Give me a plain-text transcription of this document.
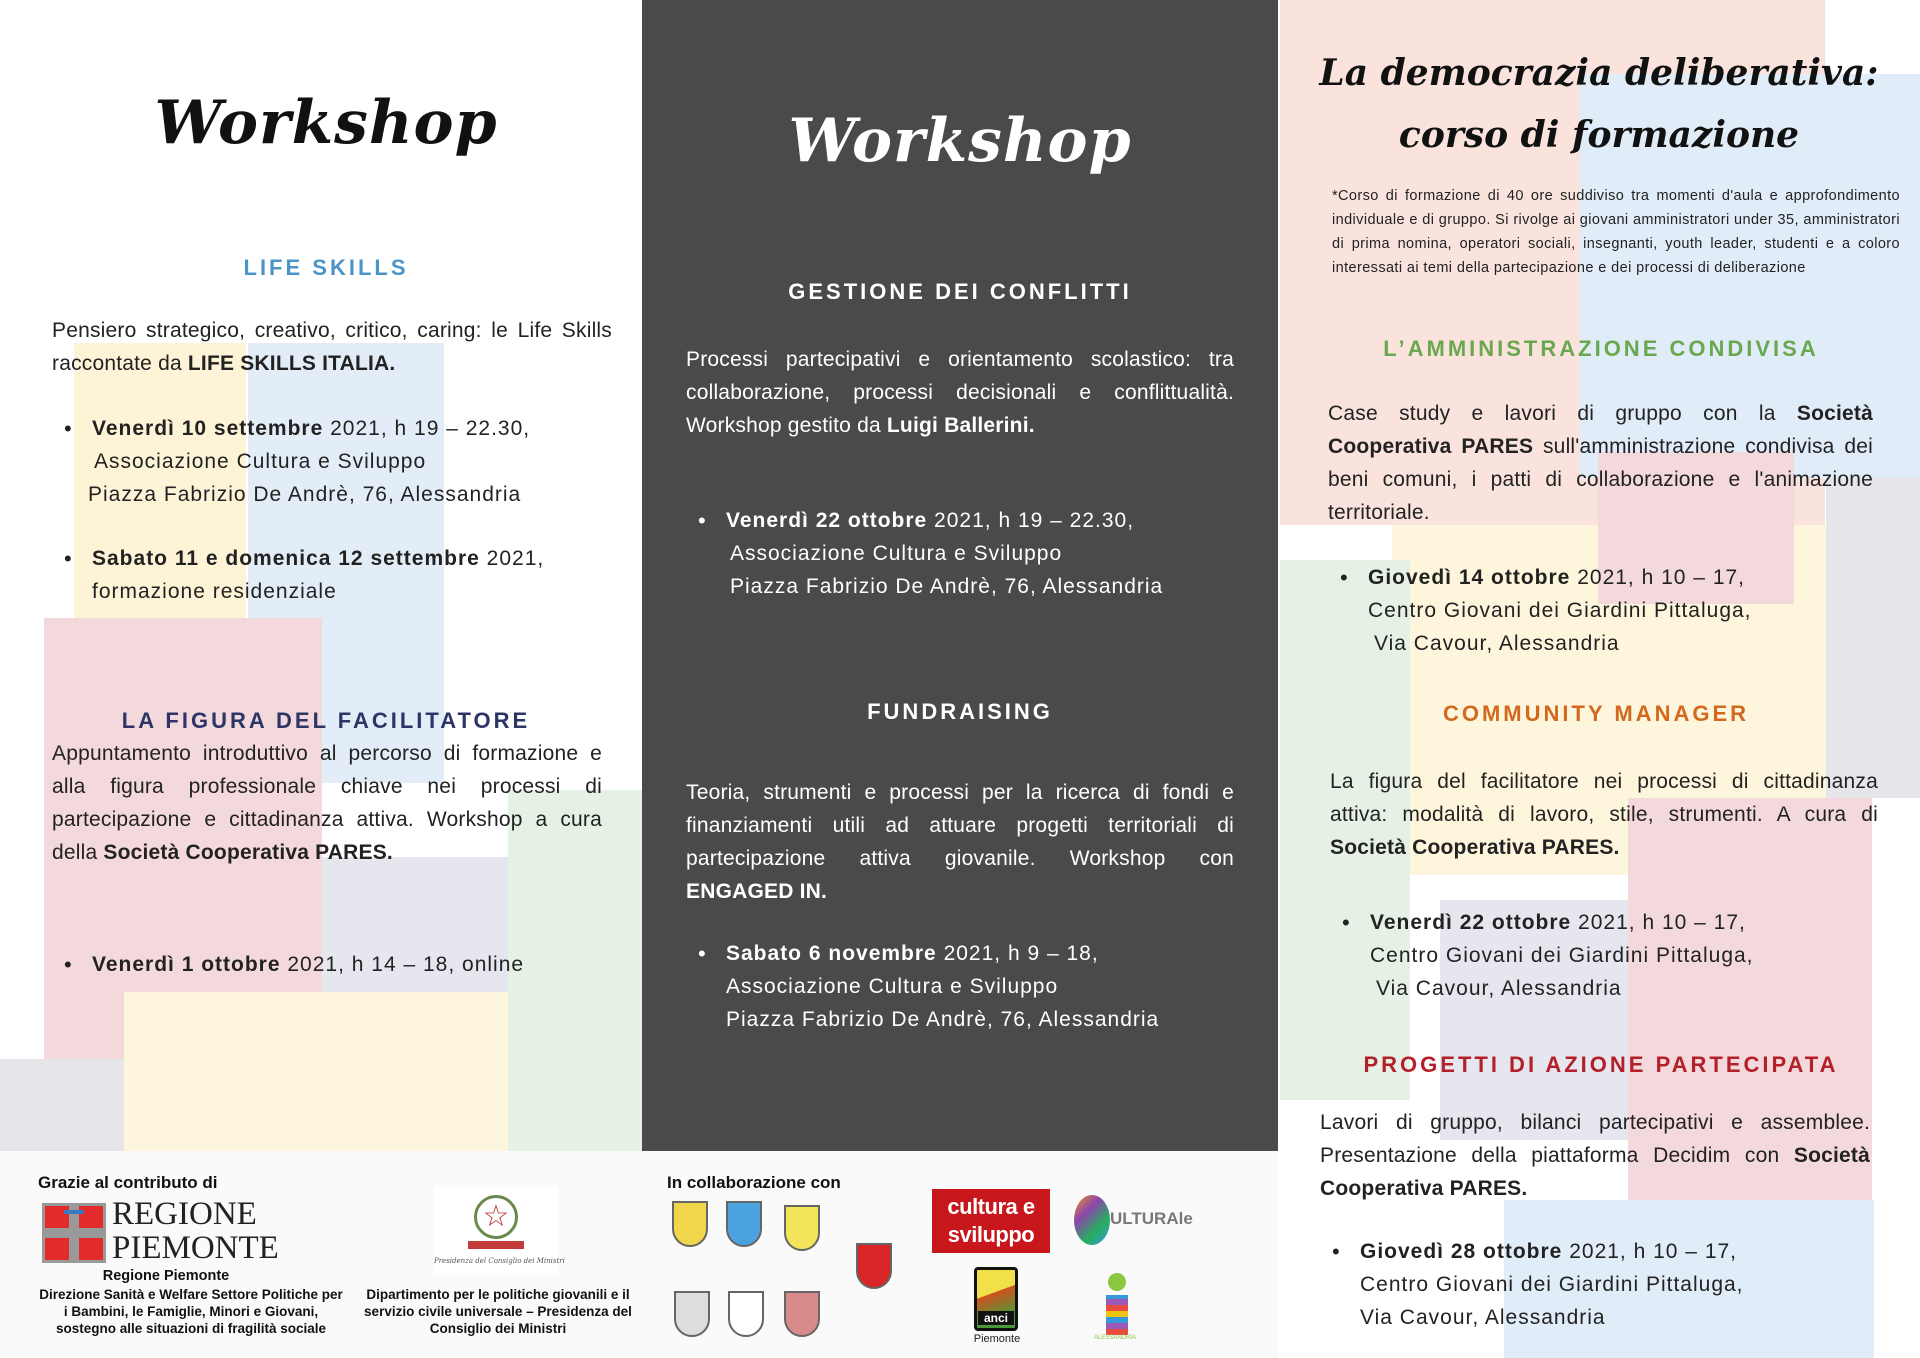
Workshop
LIFE SKILLS

Pensiero strategico, creativo, critico, caring: le Life Skills raccontate da LIFE SKILLS ITALIA.

• Venerdì 10 settembre 2021, h 19 – 22.30,
Associazione Cultura e Sviluppo
Piazza Fabrizio De Andrè, 76, Alessandria
• Sabato 11 e domenica 12 settembre 2021,
formazione residenziale
LA FIGURA DEL FACILITATORE

Appuntamento introduttivo al percorso di formazione e alla figura professionale chiave nei processi di partecipazione e cittadinanza attiva. Workshop a cura della Società Cooperativa PARES.

• Venerdì 1 ottobre 2021, h 14 – 18, online
Workshop
GESTIONE DEI CONFLITTI

Processi partecipativi e orientamento scolastico: tra collaborazione, processi decisionali e conflittualità. Workshop gestito da Luigi Ballerini.

• Venerdì 22 ottobre 2021, h 19 – 22.30,
Associazione Cultura e Sviluppo
Piazza Fabrizio De Andrè, 76, Alessandria
FUNDRAISING

Teoria, strumenti e processi per la ricerca di fondi e finanziamenti utili ad attuare progetti territoriali di partecipazione attiva giovanile. Workshop con ENGAGED IN.

• Sabato 6 novembre 2021, h 9 – 18,
Associazione Cultura e Sviluppo
Piazza Fabrizio De Andrè, 76, Alessandria
La democrazia deliberativa:
corso di formazione

*Corso di formazione di 40 ore suddiviso tra momenti d'aula e approfondimento individuale e di gruppo. Si rivolge ai giovani amministratori under 35, amministratori di prima nomina, operatori sociali, insegnanti, youth leader, studenti e a coloro interessati ai temi della partecipazione e dei processi di deliberazione

L’AMMINISTRAZIONE CONDIVISA

Case study e lavori di gruppo con la Società Cooperativa PARES sull'amministrazione condivisa dei beni comuni, i patti di collaborazione e l'animazione territoriale.

• Giovedì 14 ottobre 2021, h 10 – 17,
Centro Giovani dei Giardini Pittaluga,
Via Cavour, Alessandria
COMMUNITY MANAGER

La figura del facilitatore nei processi di cittadinanza attiva: modalità di lavoro, stile, strumenti. A cura di Società Cooperativa PARES.

• Venerdì 22 ottobre 2021, h 10 – 17,
Centro Giovani dei Giardini Pittaluga,
Via Cavour, Alessandria
PROGETTI DI AZIONE PARTECIPATA

Lavori di gruppo, bilanci partecipativi e assemblee. Presentazione della piattaforma Decidim con Società Cooperativa PARES.

• Giovedì 28 ottobre 2021, h 10 – 17,
Centro Giovani dei Giardini Pittaluga,
Via Cavour, Alessandria
Grazie al contributo di
REGIONE
PIEMONTE
Regione Piemonte
Direzione Sanità e Welfare Settore Politiche per i Bambini, le Famiglie, Minori e Giovani, sostegno alle situazioni di fragilità sociale
☆
Presidenza del Consiglio dei Ministri
Dipartimento per le politiche giovanili e il servizio civile universale – Presidenza del Consiglio dei Ministri
In collaborazione con
cultura e
sviluppo
ULTURAle
anci
Piemonte	ALESSANDRIA
